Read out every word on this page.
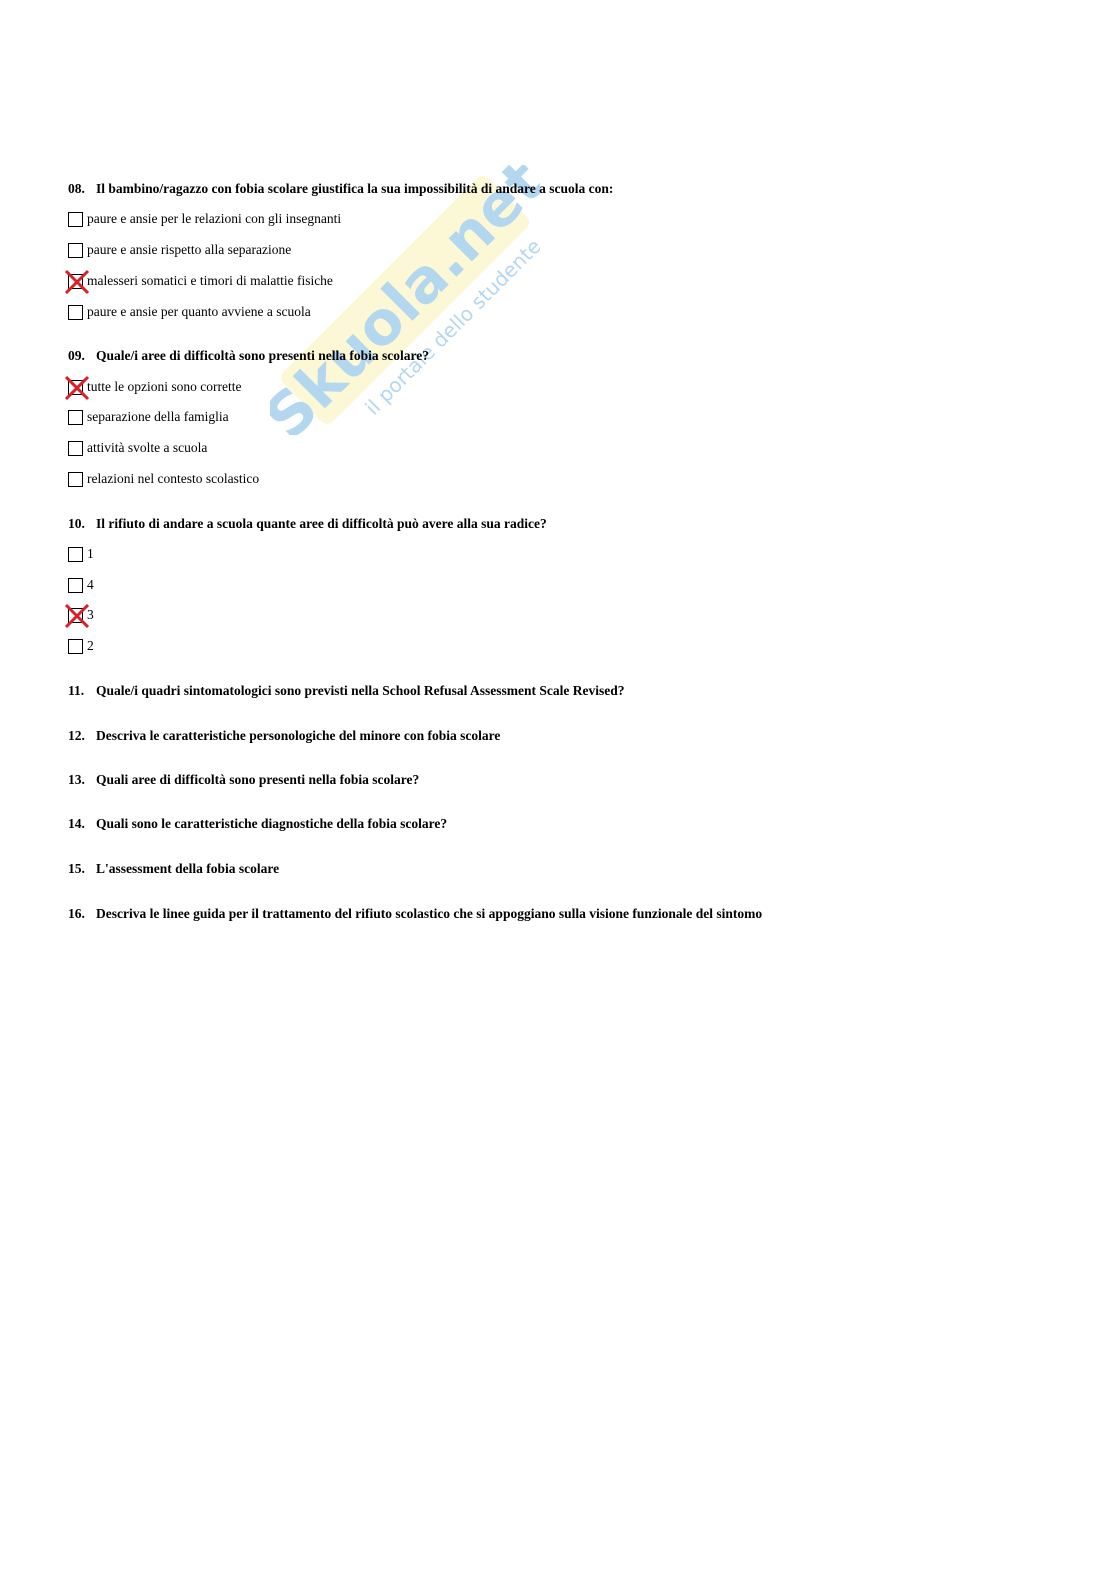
Skuola.net
il portale dello studente
08. Il bambino/ragazzo con fobia scolare giustifica la sua impossibilità di andare a scuola con:
paure e ansie per le relazioni con gli insegnanti
paure e ansie rispetto alla separazione
malesseri somatici e timori di malattie fisiche
paure e ansie per quanto avviene a scuola
09. Quale/i aree di difficoltà sono presenti nella fobia scolare?
tutte le opzioni sono corrette
separazione della famiglia
attività svolte a scuola
relazioni nel contesto scolastico
10. Il rifiuto di andare a scuola quante aree di difficoltà può avere alla sua radice?
1
4
3
2
11. Quale/i quadri sintomatologici sono previsti nella School Refusal Assessment Scale Revised?
12. Descriva le caratteristiche personologiche del minore con fobia scolare
13. Quali aree di difficoltà sono presenti nella fobia scolare?
14. Quali sono le caratteristiche diagnostiche della fobia scolare?
15. L'assessment della fobia scolare
16. Descriva le linee guida per il trattamento del rifiuto scolastico che si appoggiano sulla visione funzionale del sintomo
